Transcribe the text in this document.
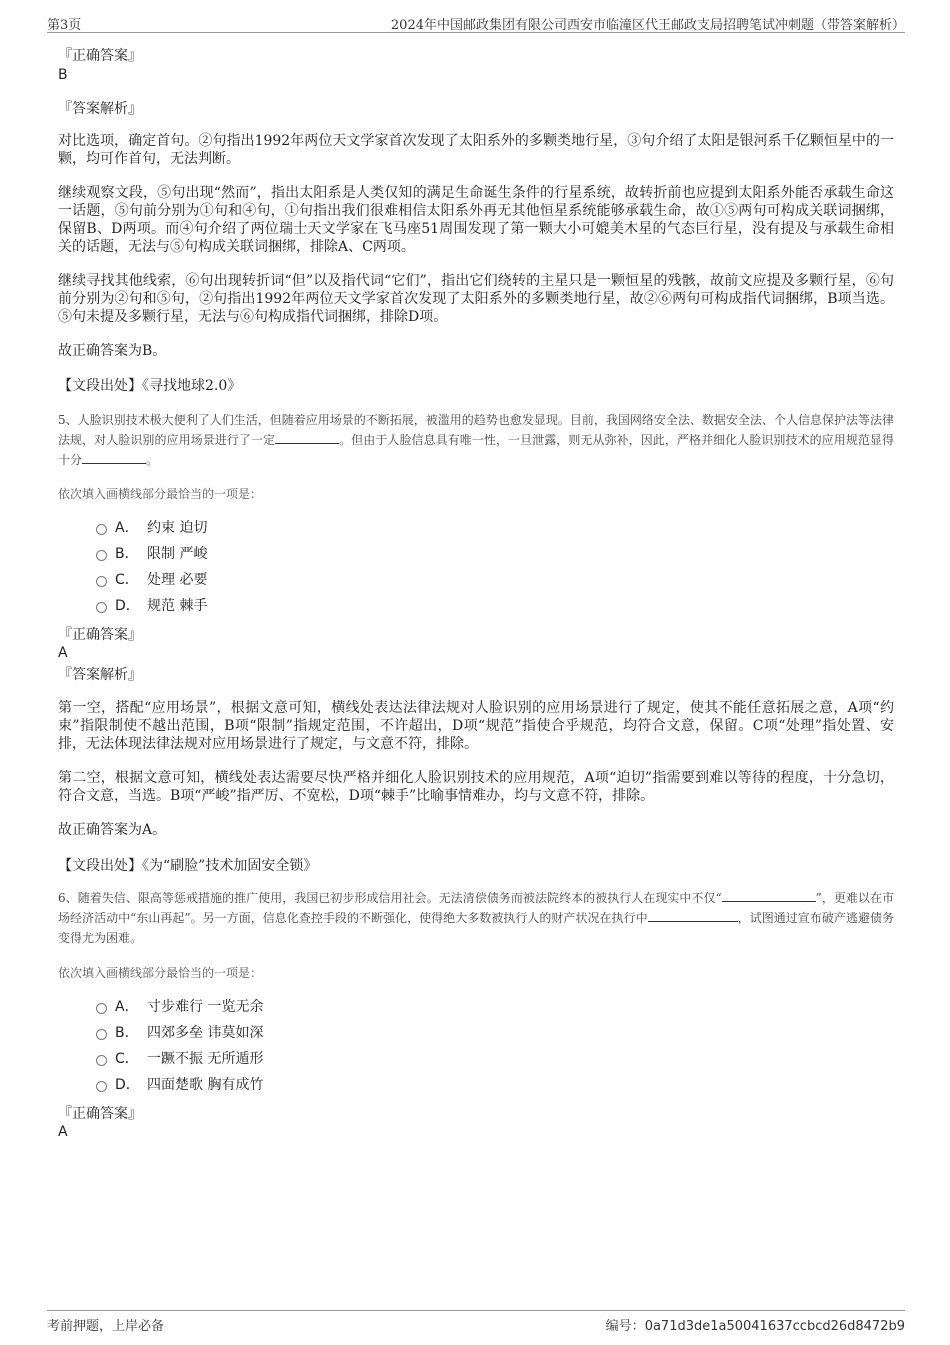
第3页	2024年中国邮政集团有限公司西安市临潼区代王邮政支局招聘笔试冲刺题（带答案解析）
『正确答案』
B
『答案解析』

对比选项，确定首句。②句指出1992年两位天文学家首次发现了太阳系外的多颗类地行星，③句介绍了太阳是银河系千亿颗恒星中的一颗，均可作首句，无法判断。

继续观察文段，⑤句出现“然而”，指出太阳系是人类仅知的满足生命诞生条件的行星系统，故转折前也应提到太阳系外能否承载生命这一话题，⑤句前分别为①句和④句，①句指出我们很难相信太阳系外再无其他恒星系统能够承载生命，故①⑤两句可构成关联词捆绑，保留B、D两项。而④句介绍了两位瑞士天文学家在飞马座51周围发现了第一颗大小可媲美木星的气态巨行星，没有提及与承载生命相关的话题，无法与⑤句构成关联词捆绑，排除A、C两项。

继续寻找其他线索，⑥句出现转折词“但”以及指代词“它们”，指出它们绕转的主星只是一颗恒星的残骸，故前文应提及多颗行星，⑥句前分别为②句和⑤句，②句指出1992年两位天文学家首次发现了太阳系外的多颗类地行星，故②⑥两句可构成指代词捆绑，B项当选。⑤句未提及多颗行星，无法与⑥句构成指代词捆绑，排除D项。

故正确答案为B。

【文段出处】《寻找地球2.0》

5、人脸识别技术极大便利了人们生活，但随着应用场景的不断拓展，被滥用的趋势也愈发显现。目前，我国网络安全法、数据安全法、个人信息保护法等法律法规，对人脸识别的应用场景进行了一定	。但由于人脸信息具有唯一性，一旦泄露，则无从弥补，因此，严格并细化人脸识别技术的应用规范显得十分	。

依次填入画横线部分最恰当的一项是：
A． 约束 迫切
B． 限制 严峻
C． 处理 必要
D． 规范 棘手
『正确答案』
A
『答案解析』

第一空，搭配“应用场景”，根据文意可知，横线处表达法律法规对人脸识别的应用场景进行了规定，使其不能任意拓展之意，A项“约束”指限制使不越出范围，B项“限制”指规定范围，不许超出，D项“规范”指使合乎规范，均符合文意，保留。C项“处理”指处置、安排，无法体现法律法规对应用场景进行了规定，与文意不符，排除。

第二空，根据文意可知，横线处表达需要尽快严格并细化人脸识别技术的应用规范，A项“迫切”指需要到难以等待的程度，十分急切，符合文意，当选。B项“严峻”指严厉、不宽松，D项“棘手”比喻事情难办，均与文意不符，排除。

故正确答案为A。

【文段出处】《为“刷脸”技术加固安全锁》

6、随着失信、限高等惩戒措施的推广使用，我国已初步形成信用社会。无法清偿债务而被法院终本的被执行人在现实中不仅“	”，更难以在市场经济活动中“东山再起”。另一方面，信息化查控手段的不断强化，使得绝大多数被执行人的财产状况在执行中	，试图通过宣布破产逃避债务变得尤为困难。

依次填入画横线部分最恰当的一项是：
A． 寸步难行 一览无余
B． 四郊多垒 讳莫如深
C． 一蹶不振 无所遁形
D． 四面楚歌 胸有成竹
『正确答案』
A
考前押题，上岸必备	编号：0a71d3de1a50041637ccbcd26d8472b9
